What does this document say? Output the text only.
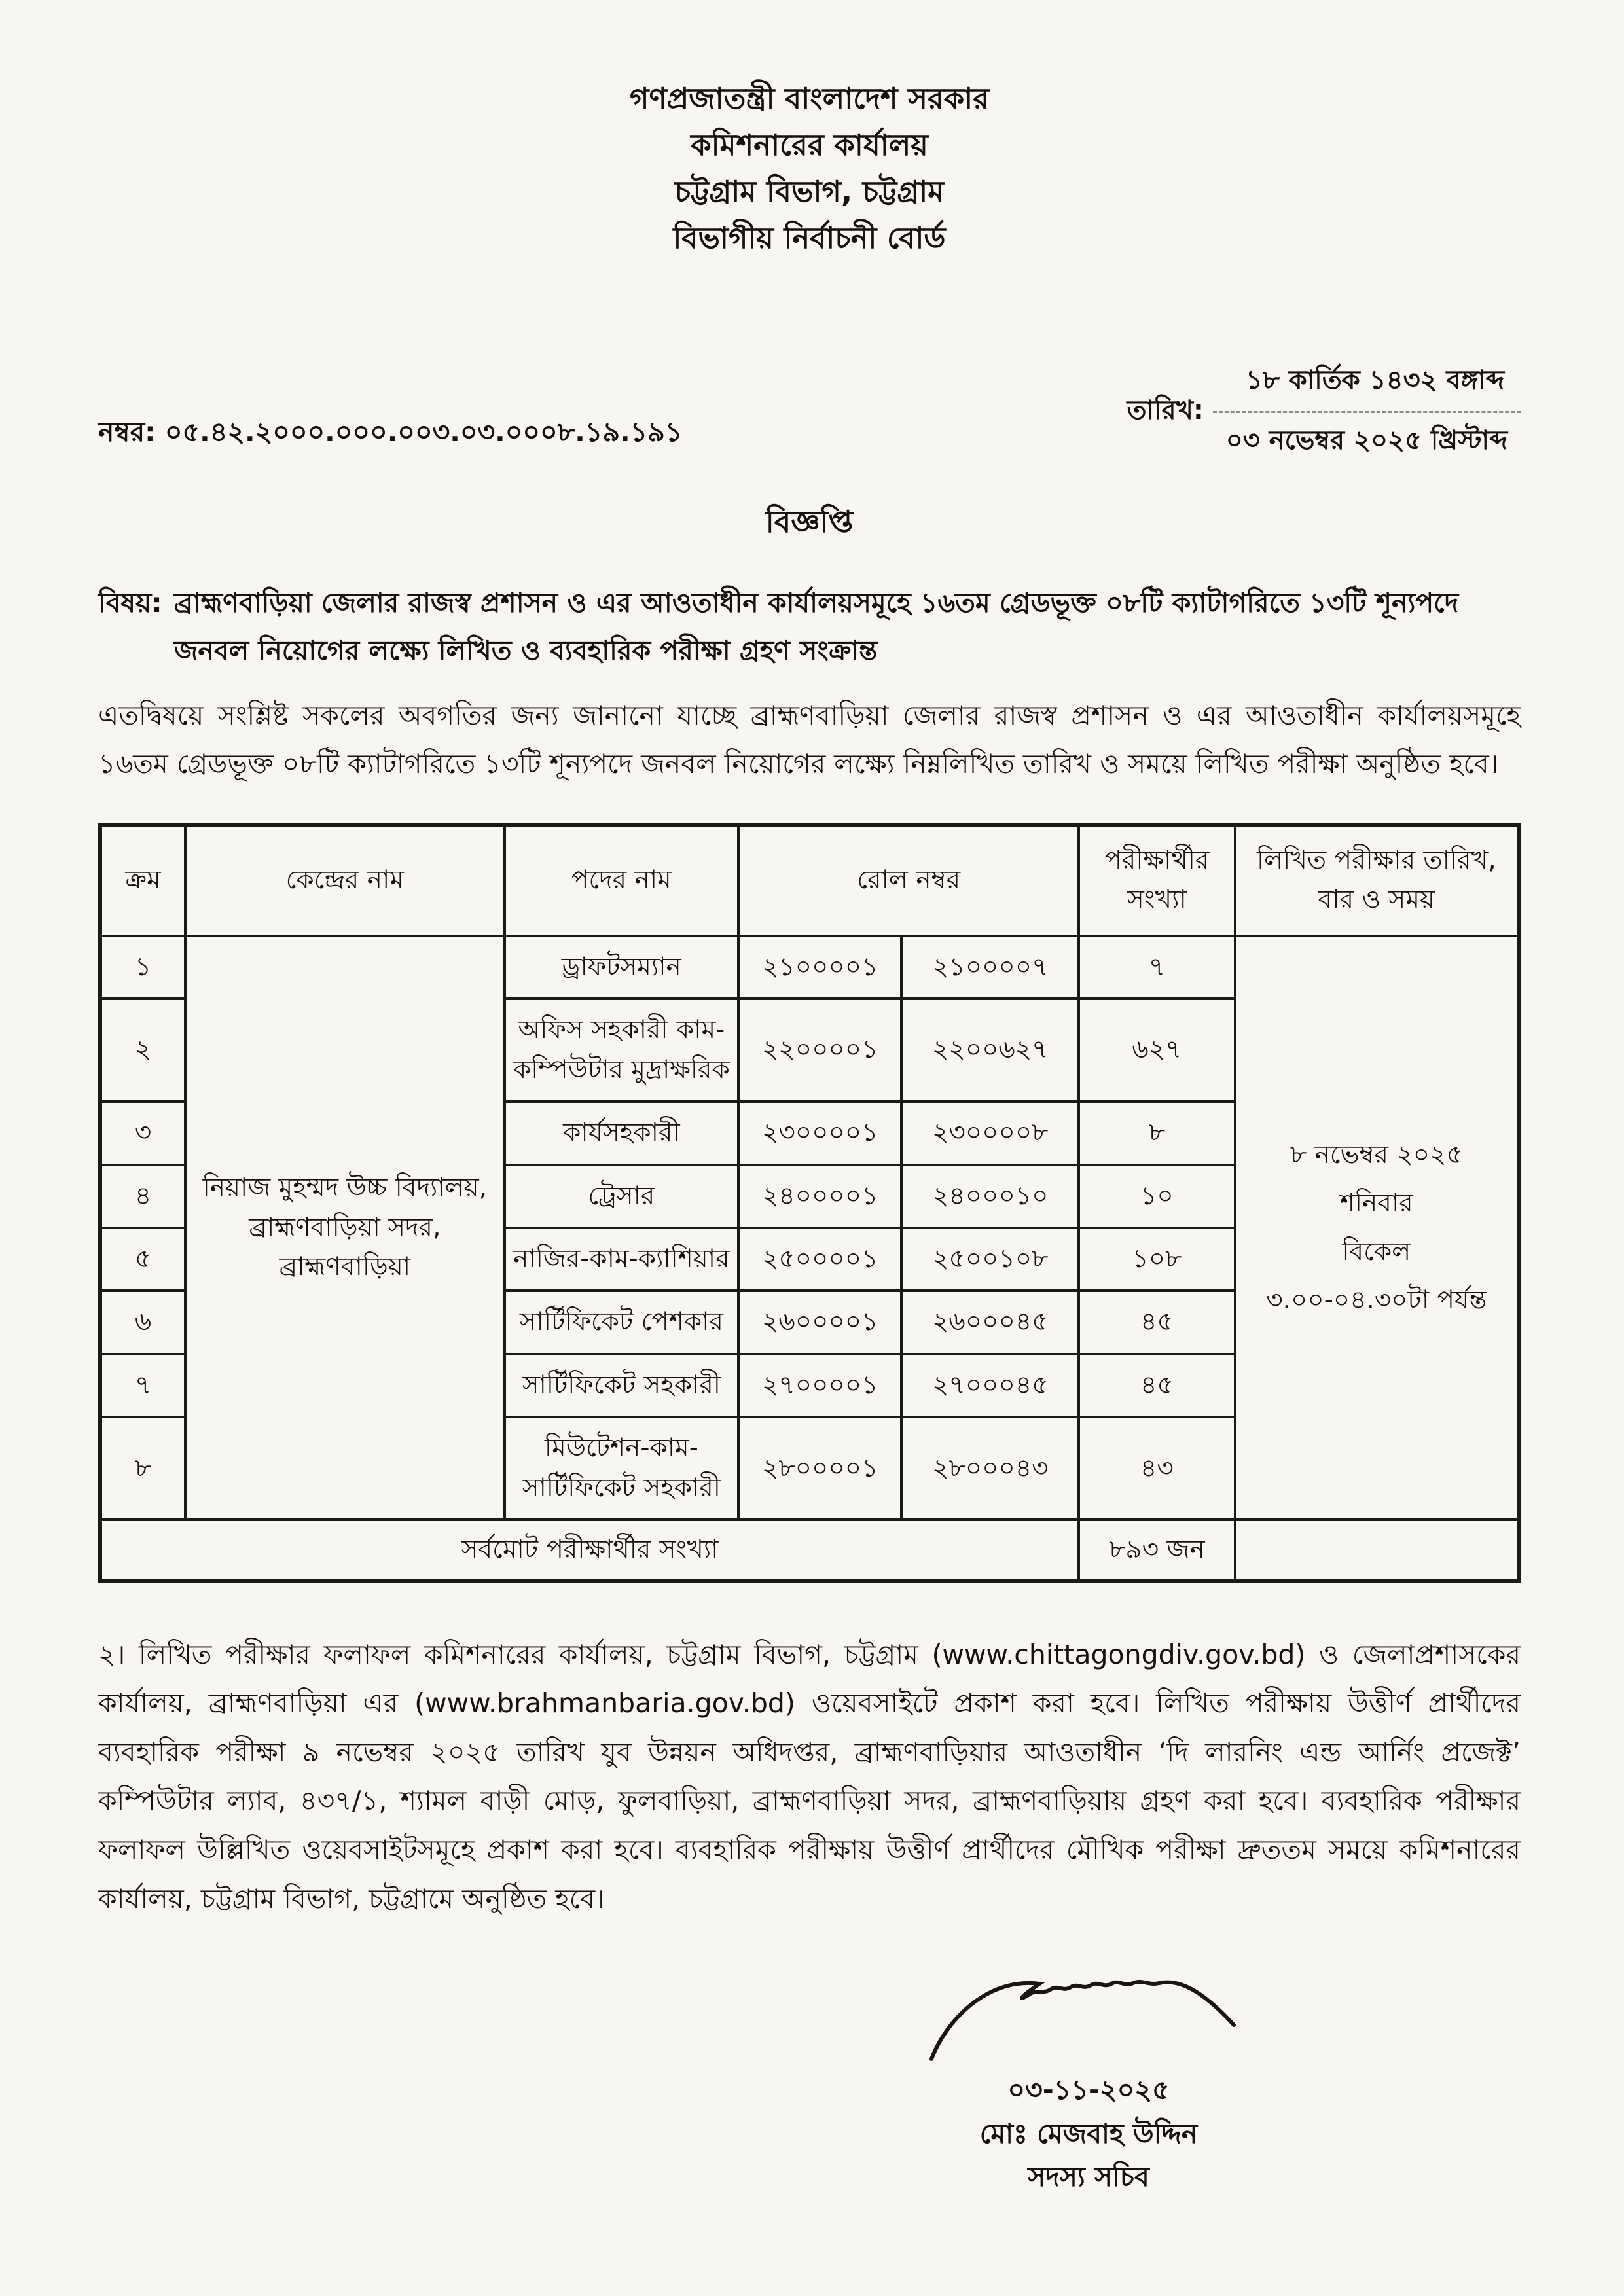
গণপ্রজাতন্ত্রী বাংলাদেশ সরকার
কমিশনারের কার্যালয়
চট্টগ্রাম বিভাগ, চট্টগ্রাম
বিভাগীয় নির্বাচনী বোর্ড
নম্বর: ০৫.৪২.২০০০.০০০.০০৩.০৩.০০০৮.১৯.১৯১
তারিখ:
১৮ কার্তিক ১৪৩২ বঙ্গাব্দ
০৩ নভেম্বর ২০২৫ খ্রিস্টাব্দ
বিজ্ঞপ্তি
বিষয়: ব্রাহ্মণবাড়িয়া জেলার রাজস্ব প্রশাসন ও এর আওতাধীন কার্যালয়সমূহে ১৬তম গ্রেডভূক্ত ০৮টি ক্যাটাগরিতে ১৩টি শূন্যপদে জনবল নিয়োগের লক্ষ্যে লিখিত ও ব্যবহারিক পরীক্ষা গ্রহণ সংক্রান্ত

এতদ্বিষয়ে সংশ্লিষ্ট সকলের অবগতির জন্য জানানো যাচ্ছে ব্রাহ্মণবাড়িয়া জেলার রাজস্ব প্রশাসন ও এর আওতাধীন কার্যালয়সমূহে ১৬তম গ্রেডভূক্ত ০৮টি ক্যাটাগরিতে ১৩টি শূন্যপদে জনবল নিয়োগের লক্ষ্যে নিম্নলিখিত তারিখ ও সময়ে লিখিত পরীক্ষা অনুষ্ঠিত হবে।

ক্রম	কেন্দ্রের নাম	পদের নাম	রোল নম্বর		পরীক্ষার্থীর সংখ্যা	লিখিত পরীক্ষার তারিখ, বার ও সময়
১	নিয়াজ মুহম্মদ উচ্চ বিদ্যালয়, ব্রাহ্মণবাড়িয়া সদর, ব্রাহ্মণবাড়িয়া	ড্রাফটসম্যান	২১০০০০১	২১০০০০৭	৭	৮ নভেম্বর ২০২৫
শনিবার
বিকেল
৩.০০-০৪.৩০টা পর্যন্ত

২		অফিস সহকারী কাম-কম্পিউটার মুদ্রাক্ষরিক	২২০০০০১	২২০০৬২৭	৬২৭	
৩		কার্যসহকারী	২৩০০০০১	২৩০০০০৮	৮	
৪		ট্রেসার	২৪০০০০১	২৪০০০১০	১০	
৫		নাজির-কাম-ক্যাশিয়ার	২৫০০০০১	২৫০০১০৮	১০৮	
৬		সার্টিফিকেট পেশকার	২৬০০০০১	২৬০০০৪৫	৪৫	
৭		সার্টিফিকেট সহকারী	২৭০০০০১	২৭০০০৪৫	৪৫	
৮		মিউটেশন-কাম-সার্টিফিকেট সহকারী	২৮০০০০১	২৮০০০৪৩	৪৩	
সর্বমোট পরীক্ষার্থীর সংখ্যা					৮৯৩ জন	

২। লিখিত পরীক্ষার ফলাফল কমিশনারের কার্যালয়, চট্টগ্রাম বিভাগ, চট্টগ্রাম (www.chittagongdiv.gov.bd) ও জেলাপ্রশাসকের কার্যালয়, ব্রাহ্মণবাড়িয়া এর (www.brahmanbaria.gov.bd) ওয়েবসাইটে প্রকাশ করা হবে। লিখিত পরীক্ষায় উত্তীর্ণ প্রার্থীদের ব্যবহারিক পরীক্ষা ৯ নভেম্বর ২০২৫ তারিখ যুব উন্নয়ন অধিদপ্তর, ব্রাহ্মণবাড়িয়ার আওতাধীন ‘দি লারনিং এন্ড আর্নিং প্রজেক্ট’ কম্পিউটার ল্যাব, ৪৩৭/১, শ্যামল বাড়ী মোড়, ফুলবাড়িয়া, ব্রাহ্মণবাড়িয়া সদর, ব্রাহ্মণবাড়িয়ায় গ্রহণ করা হবে। ব্যবহারিক পরীক্ষার ফলাফল উল্লিখিত ওয়েবসাইটসমূহে প্রকাশ করা হবে। ব্যবহারিক পরীক্ষায় উত্তীর্ণ প্রার্থীদের মৌখিক পরীক্ষা দ্রুততম সময়ে কমিশনারের কার্যালয়, চট্টগ্রাম বিভাগ, চট্টগ্রামে অনুষ্ঠিত হবে।

০৩-১১-২০২৫
মোঃ মেজবাহ উদ্দিন
সদস্য সচিব
